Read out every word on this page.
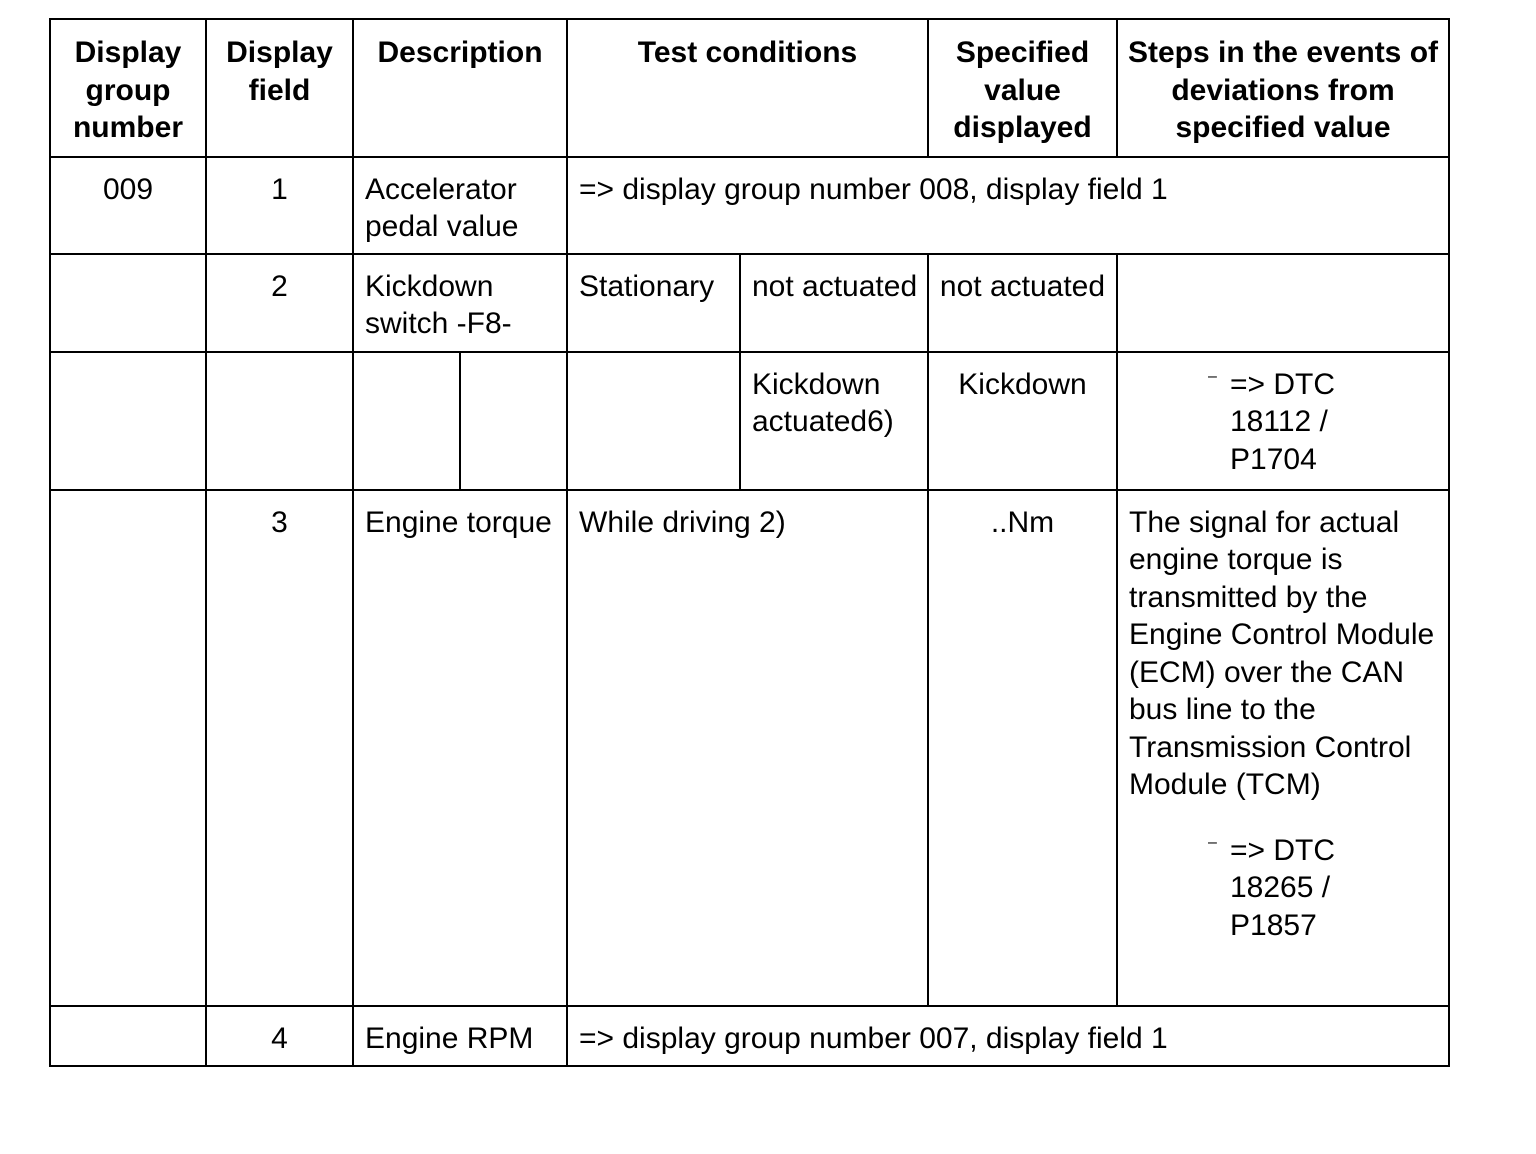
Display group number	Display field	Description		Test conditions		Specified value displayed	Steps in the events of deviations from specified value
009	1	Accelerator pedal value		=> display group number 008, display field 1			
	2	Kickdown switch -F8-		Stationary	not actuated	not actuated	
					Kickdown actuated6)	Kickdown	– => DTC
18112 /
P1704

	3	Engine torque		While driving 2)		..Nm	The signal for actual engine torque is transmitted by the Engine Control Module (ECM) over the CAN bus line to the Transmission Control Module (TCM)
– => DTC
18265 /
P1857

	4	Engine RPM		=> display group number 007, display field 1			
